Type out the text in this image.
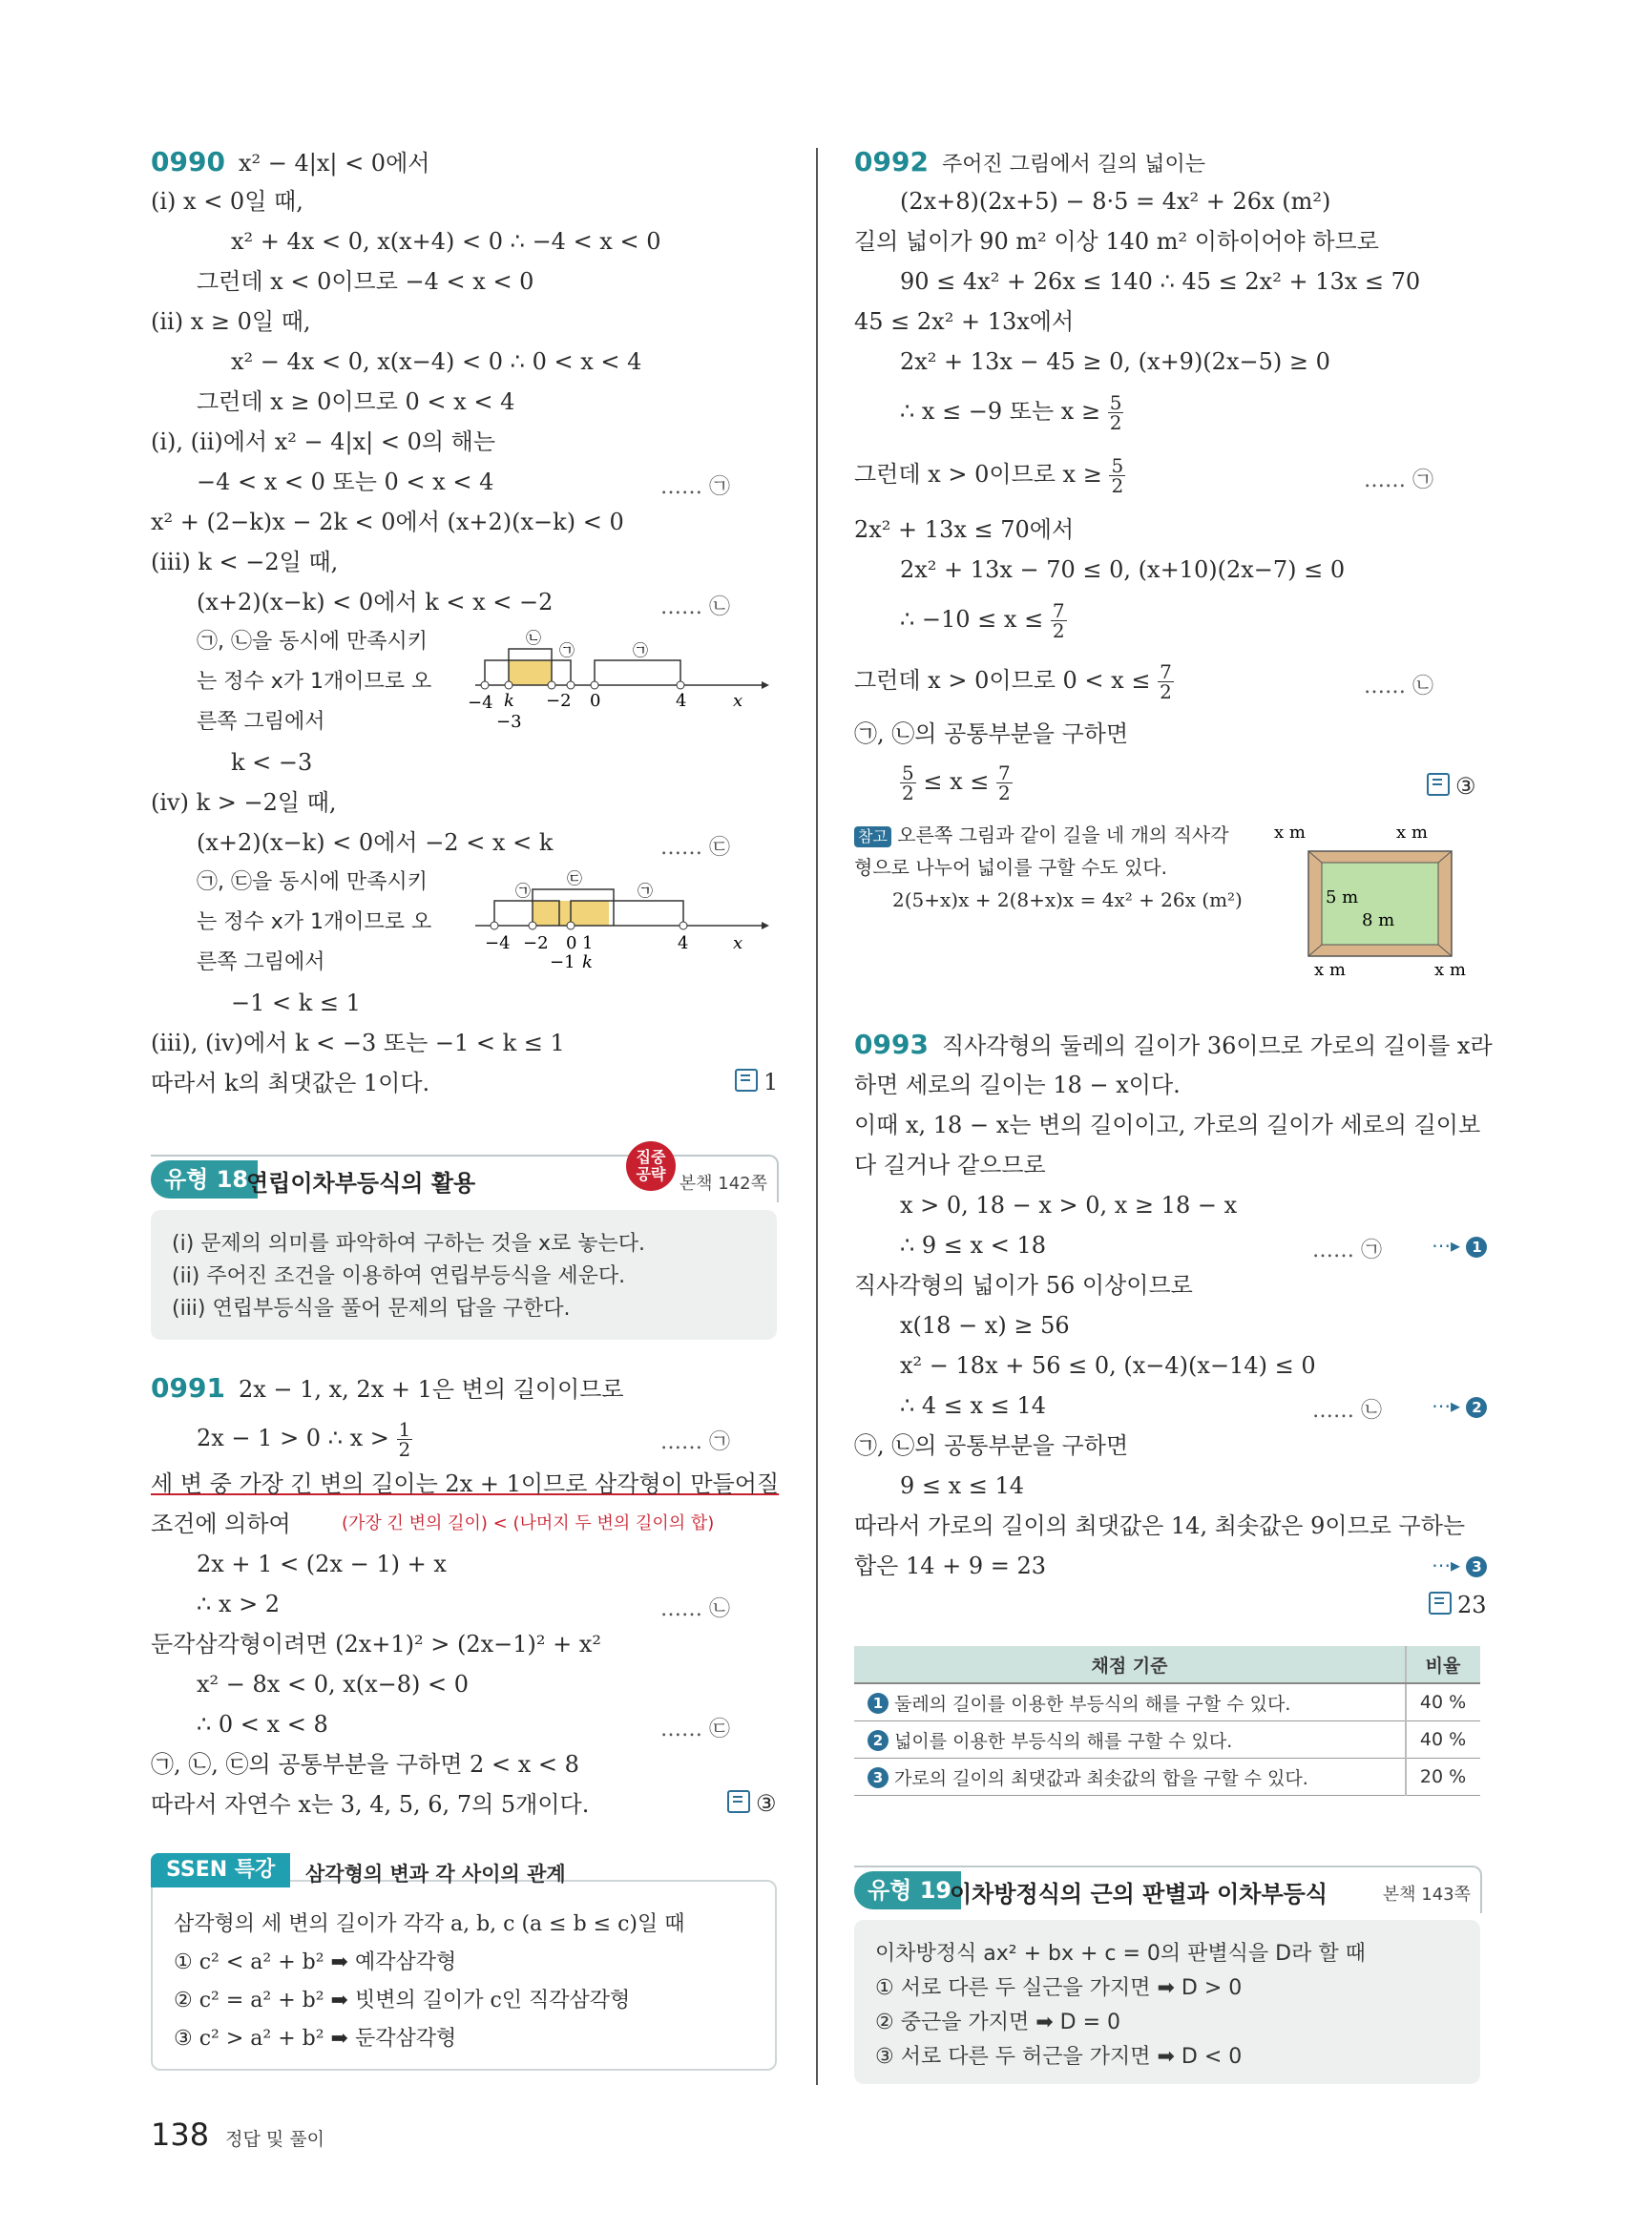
0990 x² − 4|x| < 0에서
(i) x < 0일 때,
x² + 4x < 0, x(x+4) < 0 ∴ −4 < x < 0
그런데 x < 0이므로 −4 < x < 0
(ii) x ≥ 0일 때,
x² − 4x < 0, x(x−4) < 0 ∴ 0 < x < 4
그런데 x ≥ 0이므로 0 < x < 4
(i), (ii)에서 x² − 4|x| < 0의 해는
−4 < x < 0 또는 0 < x < 4	…… ㉠
x² + (2−k)x − 2k < 0에서 (x+2)(x−k) < 0
(iii) k < −2일 때,
(x+2)(x−k) < 0에서 k < x < −2	…… ㉡
㉠, ㉡을 동시에 만족시키
는 정수 x가 1개이므로 오
른쪽 그림에서
k < −3
㉡
㉠	㉠
−4 k −2 0	4	x
−3
(iv) k > −2일 때,
(x+2)(x−k) < 0에서 −2 < x < k	…… ㉢
㉠, ㉢을 동시에 만족시키
는 정수 x가 1개이므로 오
른쪽 그림에서
−1 < k ≤ 1
㉢
㉠	㉠
−4 −2 0 1	4	x
−1 k
(iii), (iv)에서 k < −3 또는 −1 < k ≤ 1
따라서 k의 최댓값은 1이다.	1
유형 18
연립이차부등식의 활용
집중
공략 본책 142쪽
(i) 문제의 의미를 파악하여 구하는 것을 x로 놓는다.
(ii) 주어진 조건을 이용하여 연립부등식을 세운다.
(iii) 연립부등식을 풀어 문제의 답을 구한다.
0991 2x − 1, x, 2x + 1은 변의 길이이므로
2x − 1 > 0 ∴ $x > \frac{1}{2}$	…… ㉠
세 변 중 가장 긴 변의 길이는 2x + 1이므로 삼각형이 만들어질
조건에 의하여	(가장 긴 변의 길이) < (나머지 두 변의 길이의 합)
2x + 1 < (2x − 1) + x
∴ x > 2	…… ㉡
둔각삼각형이려면 (2x+1)² > (2x−1)² + x²
x² − 8x < 0, x(x−8) < 0
∴ 0 < x < 8	…… ㉢
㉠, ㉡, ㉢의 공통부분을 구하면 2 < x < 8
따라서 자연수 x는 3, 4, 5, 6, 7의 5개이다.	③
SSEN 특강	삼각형의 변과 각 사이의 관계
삼각형의 세 변의 길이가 각각 a, b, c (a ≤ b ≤ c)일 때
① c² < a² + b² ➡ 예각삼각형
② c² = a² + b² ➡ 빗변의 길이가 c인 직각삼각형
③ c² > a² + b² ➡ 둔각삼각형
0992 주어진 그림에서 길의 넓이는
(2x+8)(2x+5) − 8·5 = 4x² + 26x (m²)
길의 넓이가 90 m² 이상 140 m² 이하이어야 하므로
90 ≤ 4x² + 26x ≤ 140 ∴ 45 ≤ 2x² + 13x ≤ 70
45 ≤ 2x² + 13x에서
2x² + 13x − 45 ≥ 0, (x+9)(2x−5) ≥ 0
∴ x ≤ −9 또는 $x \ge \frac{5}{2}$
그런데 x > 0이므로 $x \ge \frac{5}{2}$	…… ㉠
2x² + 13x ≤ 70에서
2x² + 13x − 70 ≤ 0, (x+10)(2x−7) ≤ 0
∴ $-10 \le x \le \frac{7}{2}$
그런데 x > 0이므로 $0 < x \le \frac{7}{2}$	…… ㉡
㉠, ㉡의 공통부분을 구하면
$\frac{5}{2} \le x \le \frac{7}{2}$	③
참고 오른쪽 그림과 같이 길을 네 개의 직사각
형으로 나누어 넓이를 구할 수도 있다.
2(5+x)x + 2(8+x)x = 4x² + 26x (m²)
x m	x m
5 m
8 m
x m	x m
0993 직사각형의 둘레의 길이가 36이므로 가로의 길이를 x라
하면 세로의 길이는 18 − x이다.
이때 x, 18 − x는 변의 길이이고, 가로의 길이가 세로의 길이보
다 길거나 같으므로
x > 0, 18 − x > 0, x ≥ 18 − x
∴ 9 ≤ x < 18	…… ㉠	⋯▸ 1
직사각형의 넓이가 56 이상이므로
x(18 − x) ≥ 56
x² − 18x + 56 ≤ 0, (x−4)(x−14) ≤ 0
∴ 4 ≤ x ≤ 14	…… ㉡	⋯▸ 2
㉠, ㉡의 공통부분을 구하면
9 ≤ x ≤ 14
따라서 가로의 길이의 최댓값은 14, 최솟값은 9이므로 구하는
합은 14 + 9 = 23	⋯▸ 3
23
채점 기준	비율

1 둘레의 길이를 이용한 부등식의 해를 구할 수 있다.	40 %

2 넓이를 이용한 부등식의 해를 구할 수 있다.	40 %

3 가로의 길이의 최댓값과 최솟값의 합을 구할 수 있다.	20 %
유형 19
이차방정식의 근의 판별과 이차부등식	본책 143쪽
이차방정식 ax² + bx + c = 0의 판별식을 D라 할 때
① 서로 다른 두 실근을 가지면 ➡ D > 0
② 중근을 가지면 ➡ D = 0
③ 서로 다른 두 허근을 가지면 ➡ D < 0
138 정답 및 풀이
